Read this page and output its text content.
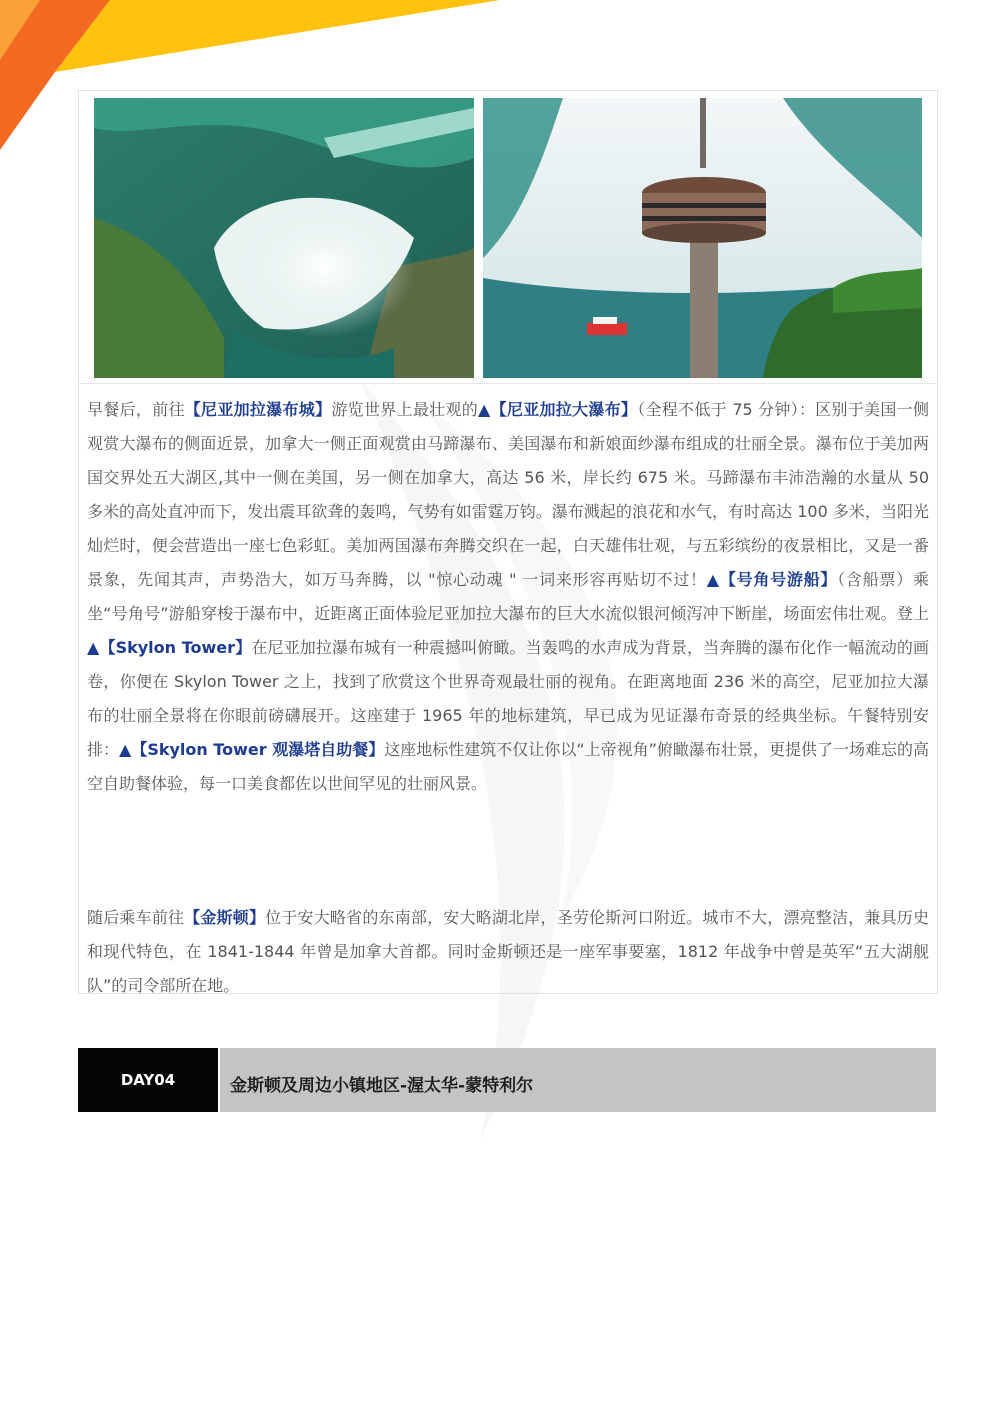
早餐后，前往【尼亚加拉瀑布城】游览世界上最壮观的▲【尼亚加拉大瀑布】（全程不低于 75 分钟）：区别于美国一侧观赏大瀑布的侧面近景，加拿大一侧正面观赏由马蹄瀑布、美国瀑布和新娘面纱瀑布组成的壮丽全景。瀑布位于美加两国交界处五大湖区,其中一侧在美国，另一侧在加拿大，高达 56 米，岸长约 675 米。马蹄瀑布丰沛浩瀚的水量从 50 多米的高处直冲而下，发出震耳欲聋的轰鸣，气势有如雷霆万钧。瀑布溅起的浪花和水气，有时高达 100 多米，当阳光灿烂时，便会营造出一座七色彩虹。美加两国瀑布奔腾交织在一起，白天雄伟壮观，与五彩缤纷的夜景相比，又是一番景象，先闻其声，声势浩大，如万马奔腾，以 "惊心动魂 " 一词来形容再贴切不过！▲【号角号游船】（含船票）乘坐“号角号”游船穿梭于瀑布中，近距离正面体验尼亚加拉大瀑布的巨大水流似银河倾泻冲下断崖，场面宏伟壮观。登上▲【Skylon Tower】在尼亚加拉瀑布城有一种震撼叫俯瞰。当轰鸣的水声成为背景，当奔腾的瀑布化作一幅流动的画卷，你便在 Skylon Tower 之上，找到了欣赏这个世界奇观最壮丽的视角。在距离地面 236 米的高空，尼亚加拉大瀑布的壮丽全景将在你眼前磅礴展开。这座建于 1965 年的地标建筑，早已成为见证瀑布奇景的经典坐标。午餐特别安排：▲【Skylon Tower 观瀑塔自助餐】这座地标性建筑不仅让你以“上帝视角”俯瞰瀑布壮景，更提供了一场难忘的高空自助餐体验，每一口美食都佐以世间罕见的壮丽风景。
随后乘车前往【金斯顿】位于安大略省的东南部，安大略湖北岸，圣劳伦斯河口附近。城市不大，漂亮整洁，兼具历史和现代特色，在 1841-1844 年曾是加拿大首都。同时金斯顿还是一座军事要塞，1812 年战争中曾是英军“五大湖舰队”的司令部所在地。
DAY04	金斯顿及周边小镇地区-渥太华-蒙特利尔
